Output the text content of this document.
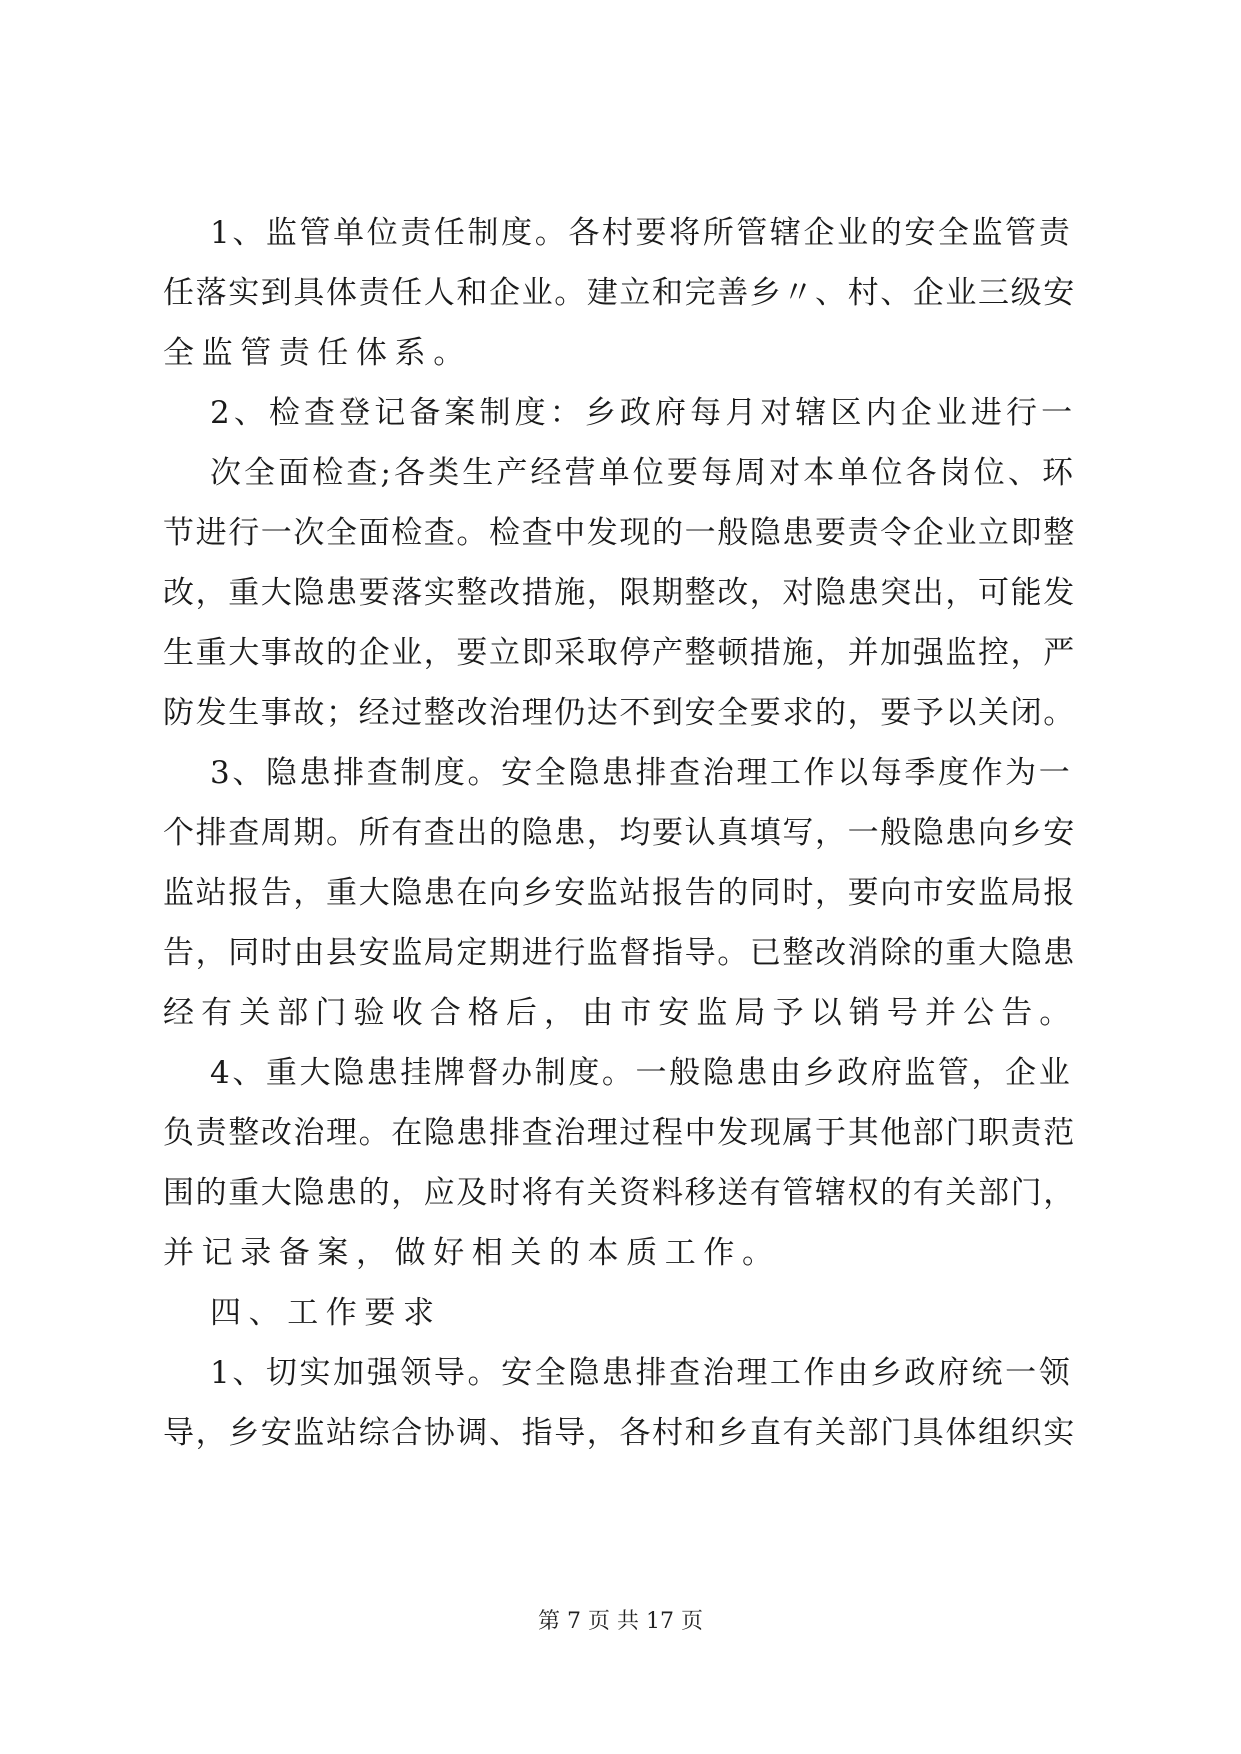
1、监管单位责任制度。各村要将所管辖企业的安全监管责
任落实到具体责任人和企业。建立和完善乡〃、村、企业三级安
全监管责任体系。
2、检查登记备案制度：乡政府每月对辖区内企业进行一
次全面检查;各类生产经营单位要每周对本单位各岗位、环
节进行一次全面检查。检查中发现的一般隐患要责令企业立即整
改，重大隐患要落实整改措施，限期整改，对隐患突出，可能发
生重大事故的企业，要立即采取停产整顿措施，并加强监控，严
防发生事故；经过整改治理仍达不到安全要求的，要予以关闭。
3、隐患排查制度。安全隐患排查治理工作以每季度作为一
个排查周期。所有查出的隐患，均要认真填写，一般隐患向乡安
监站报告，重大隐患在向乡安监站报告的同时，要向市安监局报
告，同时由县安监局定期进行监督指导。已整改消除的重大隐患
经有关部门验收合格后，由市安监局予以销号并公告。
4、重大隐患挂牌督办制度。一般隐患由乡政府监管，企业
负责整改治理。在隐患排查治理过程中发现属于其他部门职责范
围的重大隐患的，应及时将有关资料移送有管辖权的有关部门，
并记录备案，做好相关的本质工作。
四、工作要求
1、切实加强领导。安全隐患排查治理工作由乡政府统一领
导，乡安监站综合协调、指导，各村和乡直有关部门具体组织实
第 7 页 共 17 页
